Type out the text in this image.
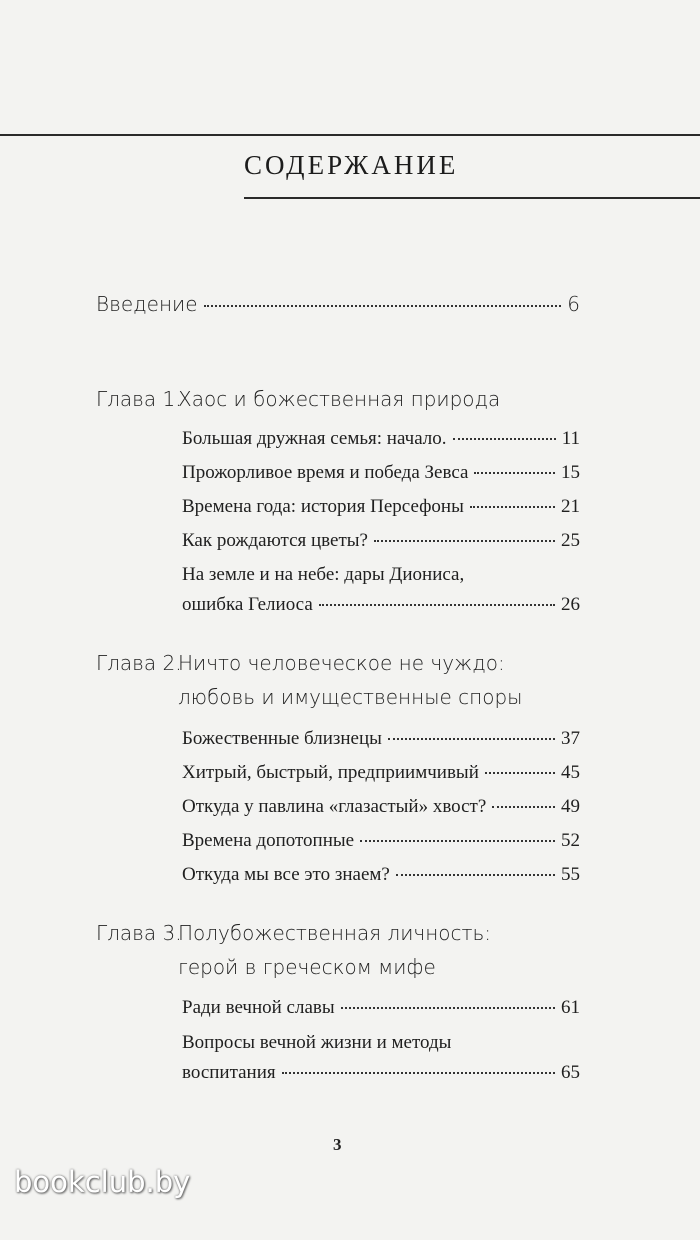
СОДЕРЖАНИЕ
Введение	6
Глава 1.Хаос и божественная природа
Большая дружная семья: начало.	11
Прожорливое время и победа Зевса	15
Времена года: история Персефоны	21
Как рождаются цветы?	25
На земле и на небе: дары Диониса,
ошибка Гелиоса	26
Глава 2.Ничто человеческое не чуждо:
любовь и имущественные споры
Божественные близнецы	37
Хитрый, быстрый, предприимчивый	45
Откуда у павлина «глазастый» хвост?	49
Времена допотопные	52
Откуда мы все это знаем?	55
Глава 3.Полубожественная личность:
герой в греческом мифе
Ради вечной славы	61
Вопросы вечной жизни и методы
воспитания	65
3
bookclub.by
